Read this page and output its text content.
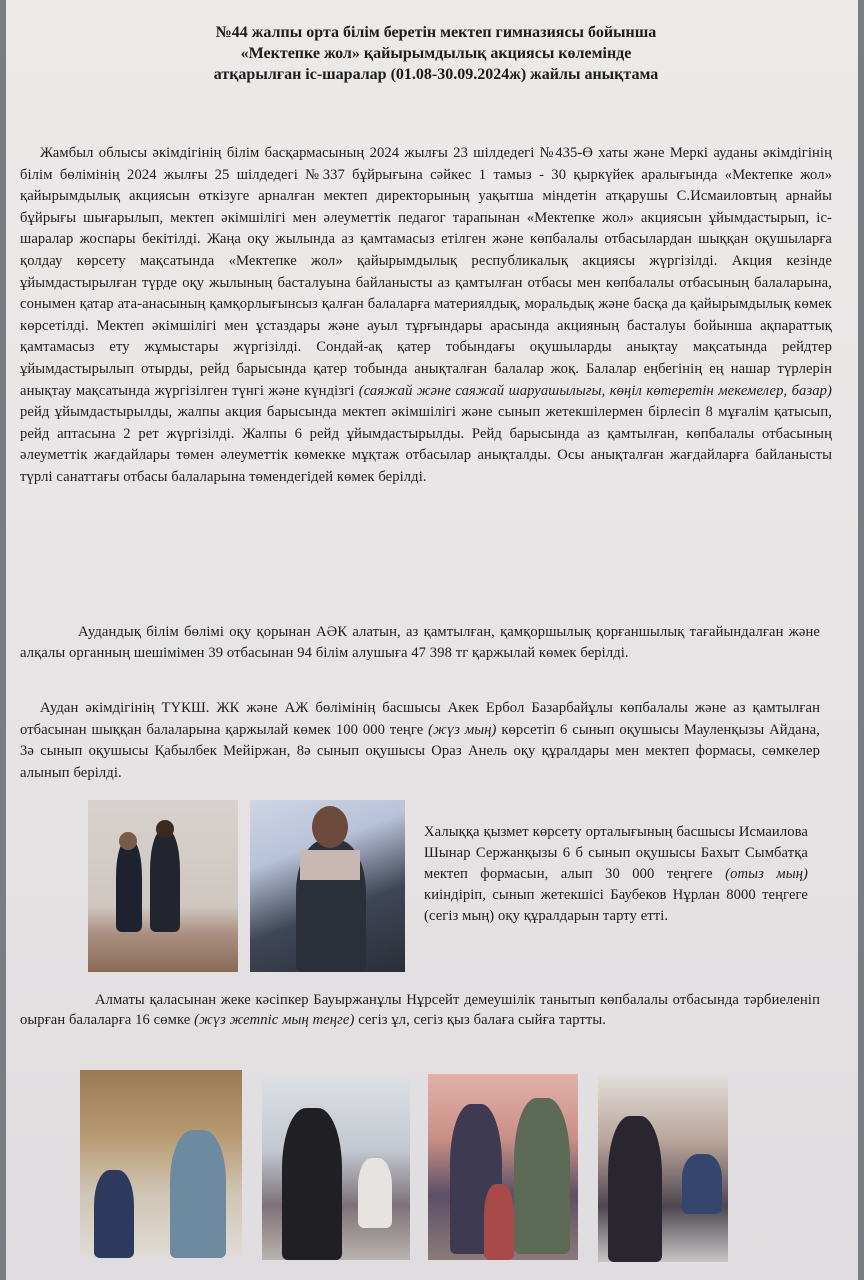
№44 жалпы орта білім беретін мектеп гимназиясы бойынша
«Мектепке жол» қайырымдылық акциясы көлемінде
атқарылған іс-шаралар (01.08-30.09.2024ж) жайлы анықтама
Жамбыл облысы әкімдігінің білім басқармасының 2024 жылғы 23 шілдедегі №435-Ө хаты және Меркі ауданы әкімдігінің білім бөлімінің 2024 жылғы 25 шілдедегі №337 бұйрығына сәйкес 1 тамыз - 30 қыркүйек аралығында «Мектепке жол» қайырымдылық акциясын өткізуге арналған мектеп директорының уақытша міндетін атқарушы С.Исмаиловтың арнайы бұйрығы шығарылып, мектеп әкімшілігі мен әлеуметтік педагог тарапынан «Мектепке жол» акциясын ұйымдастырып, іс- шаралар жоспары бекітілді. Жаңа оқу жылында аз қамтамасыз етілген және көпбалалы отбасылардан шыққан оқушыларға қолдау көрсету мақсатында «Мектепке жол» қайырымдылық республикалық акциясы жүргізілді. Акция кезінде ұйымдастырылған түрде оқу жылының басталуына байланысты аз қамтылған отбасы мен көпбалалы отбасының балаларына, сонымен қатар ата-анасының қамқорлығынсыз қалған балаларға материялдық, моральдық және басқа да қайырымдылық көмек көрсетілді. Мектеп әкімшілігі мен ұстаздары және ауыл тұрғындары арасында акцияның басталуы бойынша ақпараттық қамтамасыз ету жұмыстары жүргізілді. Сондай-ақ қатер тобындағы оқушыларды анықтау мақсатында рейдтер ұйымдастырылып отырды, рейд барысында қатер тобында анықталған балалар жоқ. Балалар еңбегінің ең нашар түрлерін анықтау мақсатында жүргізілген түнгі және күндізгі (саяжай және саяжай шаруашылығы, көңіл көтеретін мекемелер, базар) рейд ұйымдастырылды, жалпы акция барысында мектеп әкімшілігі және сынып жетекшілермен бірлесіп 8 мұғалім қатысып, рейд аптасына 2 рет жүргізілді. Жалпы 6 рейд ұйымдастырылды. Рейд барысында аз қамтылған, көпбалалы отбасының әлеуметтік жағдайлары төмен әлеуметтік көмекке мұқтаж отбасылар анықталды. Осы анықталған жағдайларға байланысты түрлі санаттағы отбасы балаларына төмендегідей көмек берілді.
Аудандық білім бөлімі оқу қорынан АӘК алатын, аз қамтылған, қамқоршылық қорғаншылық тағайындалған және алқалы органның шешімімен 39 отбасынан 94 білім алушыға 47 398 тг қаржылай көмек берілді.
Аудан әкімдігінің ТҮКШ. ЖК және АЖ бөлімінің басшысы Акек Ербол Базарбайұлы көпбалалы және аз қамтылған отбасынан шыққан балаларына қаржылай көмек 100 000 теңге (жүз мың) көрсетіп 6 сынып оқушысы Мауленқызы Айдана, 3ә сынып оқушысы Қабылбек Мейіржан, 8ә сынып оқушысы Ораз Анель оқу құралдары мен мектеп формасы, сөмкелер алынып берілді.
Халыққа қызмет көрсету орталығының басшысы Исмаилова Шынар Сержанқызы 6 б сынып оқушысы Бахыт Сымбатқа мектеп формасын, алып 30 000 теңгеге (отыз мың) киіндіріп, сынып жетекшісі Баубеков Нұрлан 8000 теңгеге (сегіз мың) оқу құралдарын тарту етті.
Алматы қаласынан жеке кәсіпкер Бауыржанұлы Нұрсейт демеушілік танытып көпбалалы отбасында тәрбиеленіп оырған балаларға 16 сөмке (жүз жетпіс мың теңге) сегіз ұл, сегіз қыз балаға сыйға тартты.
